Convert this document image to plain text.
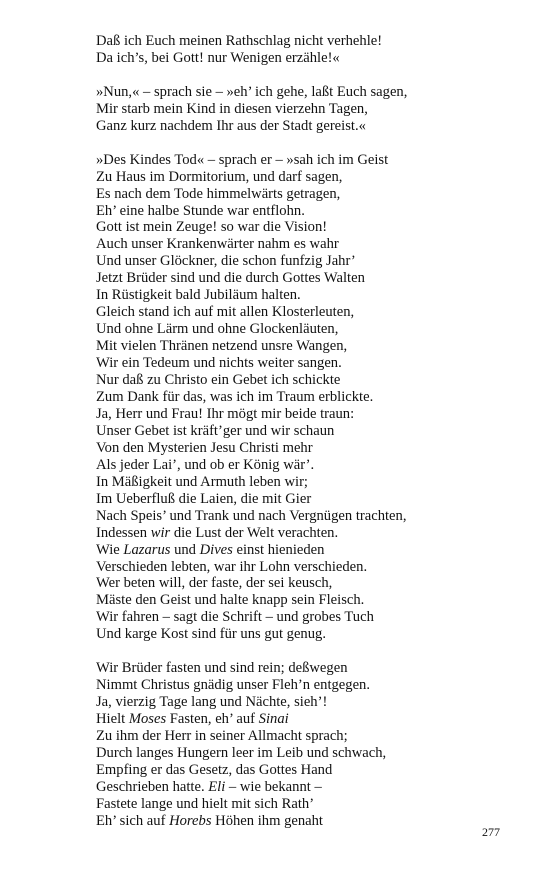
Daß ich Euch meinen Rathschlag nicht verhehle!
Da ich’s, bei Gott! nur Wenigen erzähle!«
»Nun,« – sprach sie – »eh’ ich gehe, laßt Euch sagen,
Mir starb mein Kind in diesen vierzehn Tagen,
Ganz kurz nachdem Ihr aus der Stadt gereist.«
»Des Kindes Tod« – sprach er – »sah ich im Geist
Zu Haus im Dormitorium, und darf sagen,
Es nach dem Tode himmelwärts getragen,
Eh’ eine halbe Stunde war entflohn.
Gott ist mein Zeuge! so war die Vision!
Auch unser Krankenwärter nahm es wahr
Und unser Glöckner, die schon funfzig Jahr’
Jetzt Brüder sind und die durch Gottes Walten
In Rüstigkeit bald Jubiläum halten.
Gleich stand ich auf mit allen Klosterleuten,
Und ohne Lärm und ohne Glockenläuten,
Mit vielen Thränen netzend unsre Wangen,
Wir ein Tedeum und nichts weiter sangen.
Nur daß zu Christo ein Gebet ich schickte
Zum Dank für das, was ich im Traum erblickte.
Ja, Herr und Frau! Ihr mögt mir beide traun:
Unser Gebet ist kräft’ger und wir schaun
Von den Mysterien Jesu Christi mehr
Als jeder Lai’, und ob er König wär’.
In Mäßigkeit und Armuth leben wir;
Im Ueberfluß die Laien, die mit Gier
Nach Speis’ und Trank und nach Vergnügen trachten,
Indessen wir die Lust der Welt verachten.
Wie Lazarus und Dives einst hienieden
Verschieden lebten, war ihr Lohn verschieden.
Wer beten will, der faste, der sei keusch,
Mäste den Geist und halte knapp sein Fleisch.
Wir fahren – sagt die Schrift – und grobes Tuch
Und karge Kost sind für uns gut genug.
Wir Brüder fasten und sind rein; deßwegen
Nimmt Christus gnädig unser Fleh’n entgegen.
Ja, vierzig Tage lang und Nächte, sieh’!
Hielt Moses Fasten, eh’ auf Sinai
Zu ihm der Herr in seiner Allmacht sprach;
Durch langes Hungern leer im Leib und schwach,
Empfing er das Gesetz, das Gottes Hand
Geschrieben hatte. Eli – wie bekannt –
Fastete lange und hielt mit sich Rath’
Eh’ sich auf Horebs Höhen ihm genaht
277
